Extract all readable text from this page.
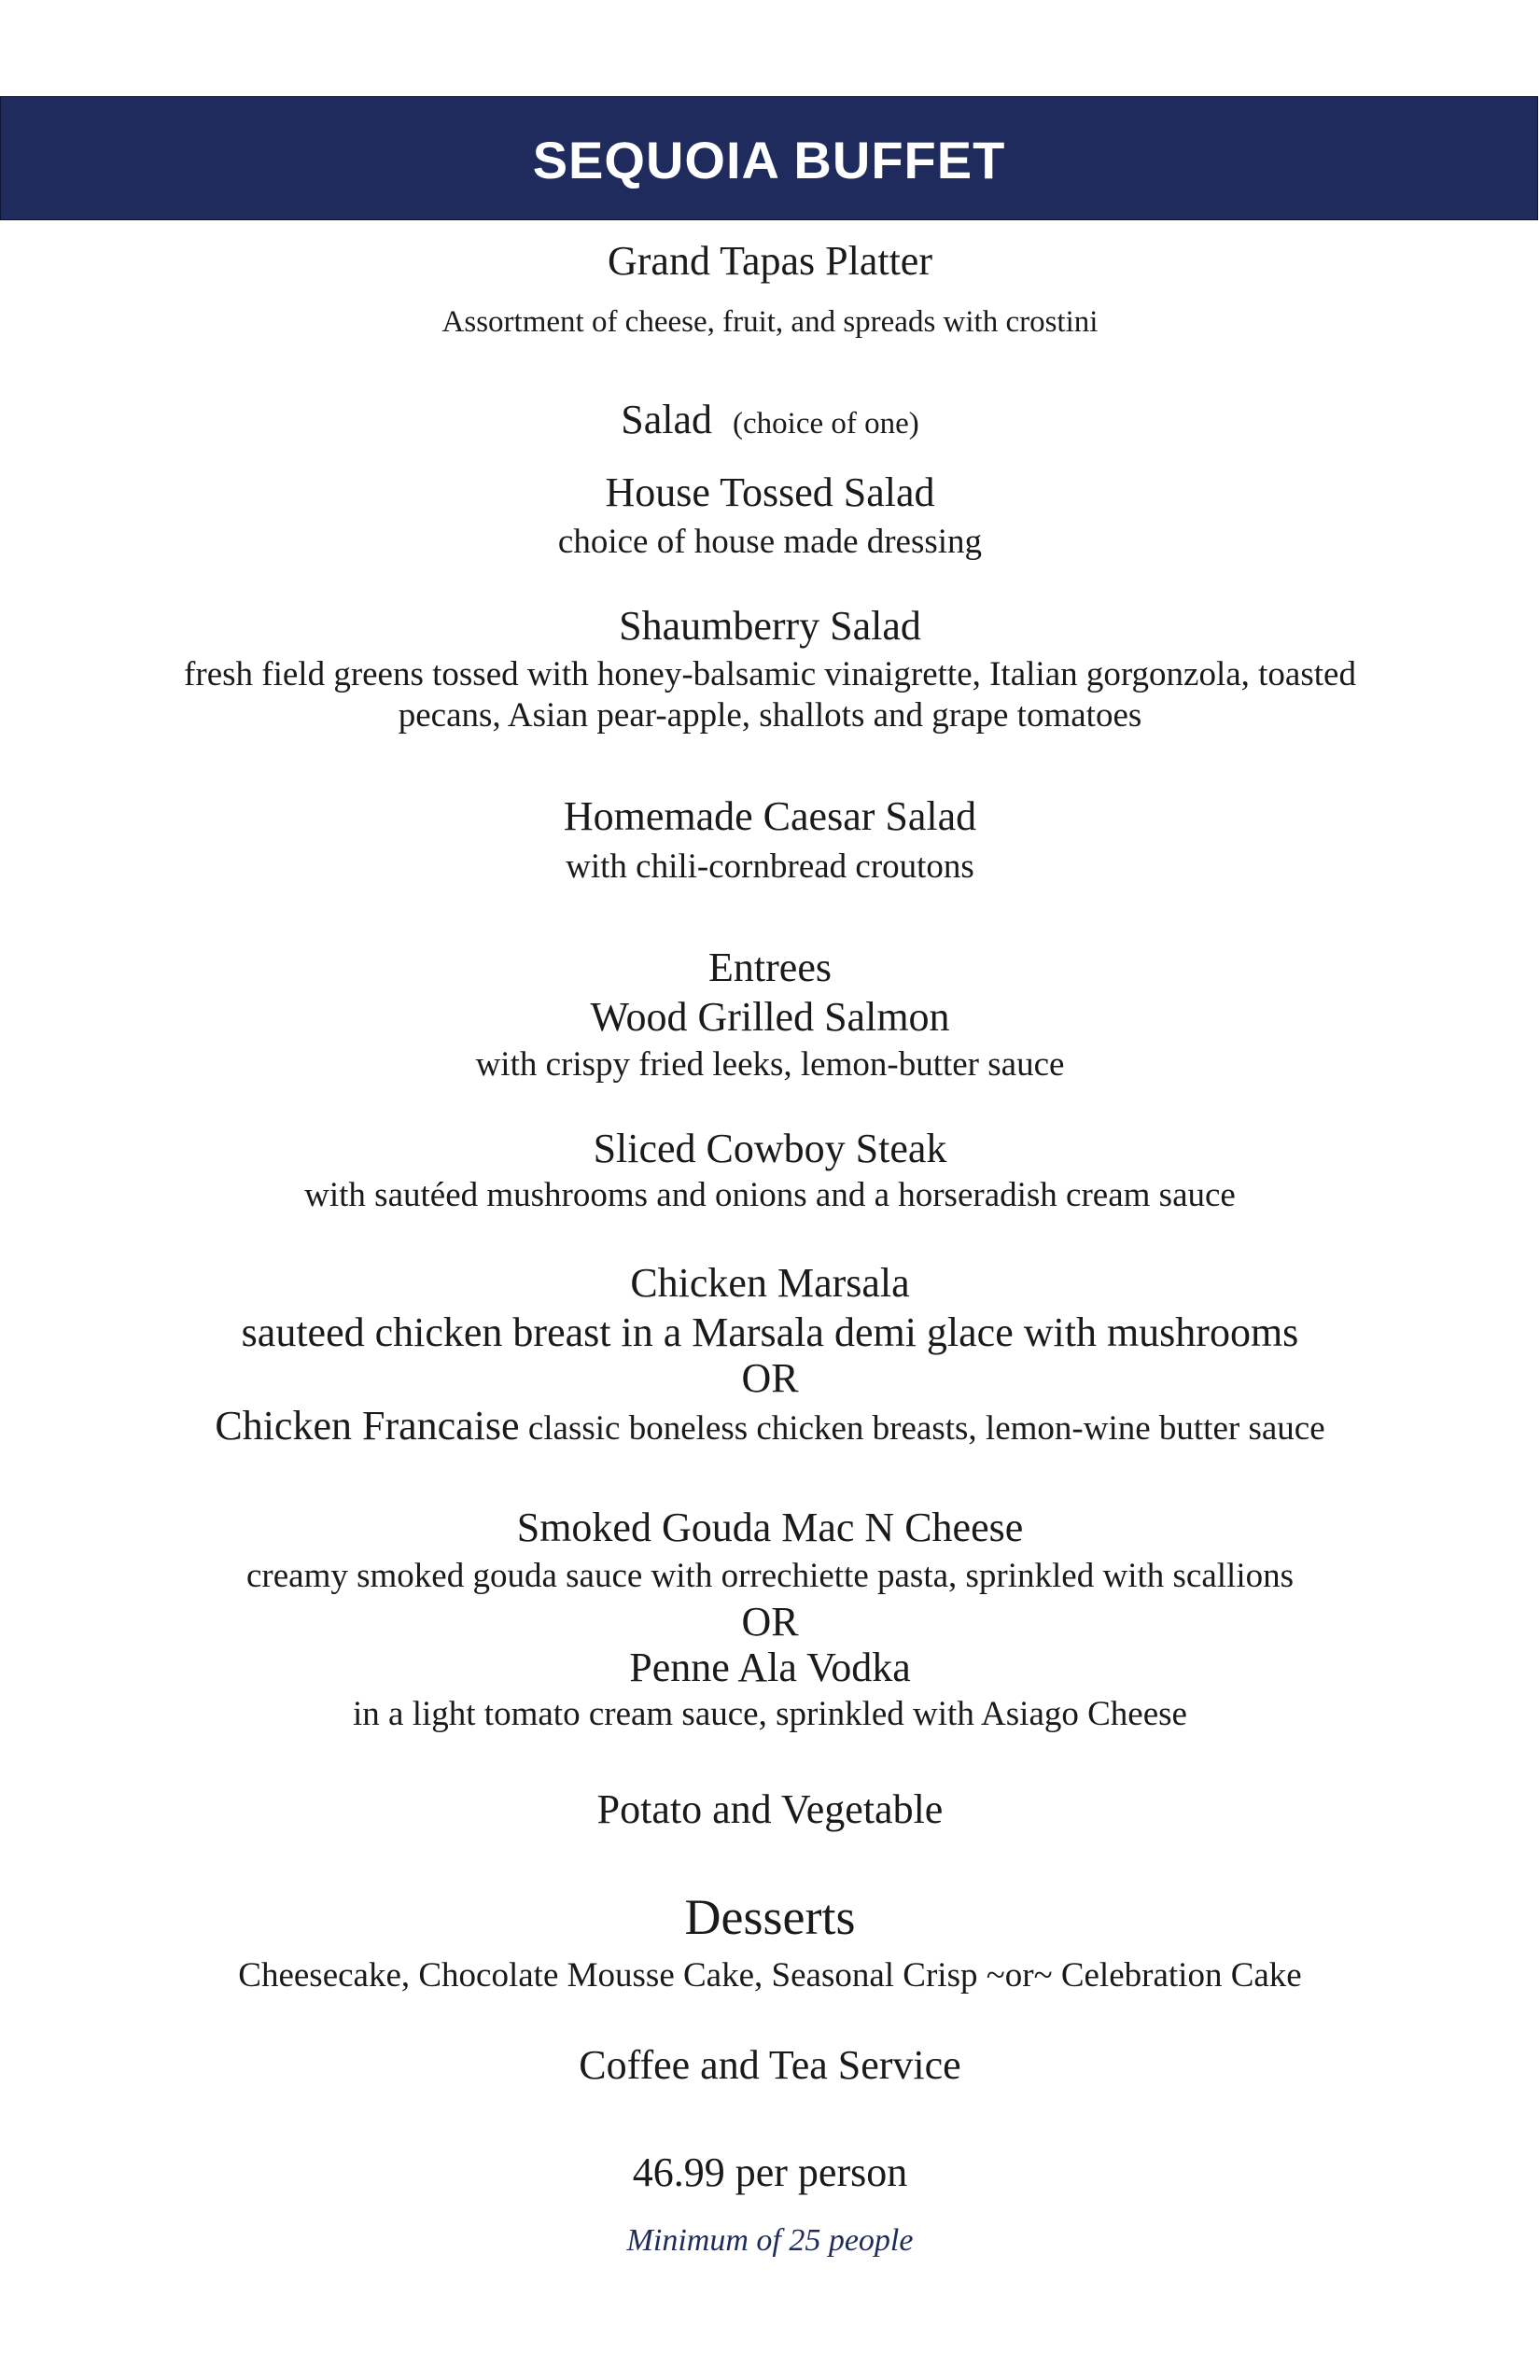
SEQUOIA BUFFET
Grand Tapas Platter
Assortment of cheese, fruit, and spreads with crostini
Salad (choice of one)
House Tossed Salad
choice of house made dressing
Shaumberry Salad
fresh field greens tossed with honey-balsamic vinaigrette, Italian gorgonzola, toasted
pecans, Asian pear-apple, shallots and grape tomatoes
Homemade Caesar Salad
with chili-cornbread croutons
Entrees
Wood Grilled Salmon
with crispy fried leeks, lemon-butter sauce
Sliced Cowboy Steak
with sautéed mushrooms and onions and a horseradish cream sauce
Chicken Marsala
sauteed chicken breast in a Marsala demi glace with mushrooms
OR
Chicken Francaise classic boneless chicken breasts, lemon-wine butter sauce
Smoked Gouda Mac N Cheese
creamy smoked gouda sauce with orrechiette pasta, sprinkled with scallions
OR
Penne Ala Vodka
in a light tomato cream sauce, sprinkled with Asiago Cheese
Potato and Vegetable
Desserts
Cheesecake, Chocolate Mousse Cake, Seasonal Crisp ~or~ Celebration Cake
Coffee and Tea Service
46.99 per person
Minimum of 25 people
